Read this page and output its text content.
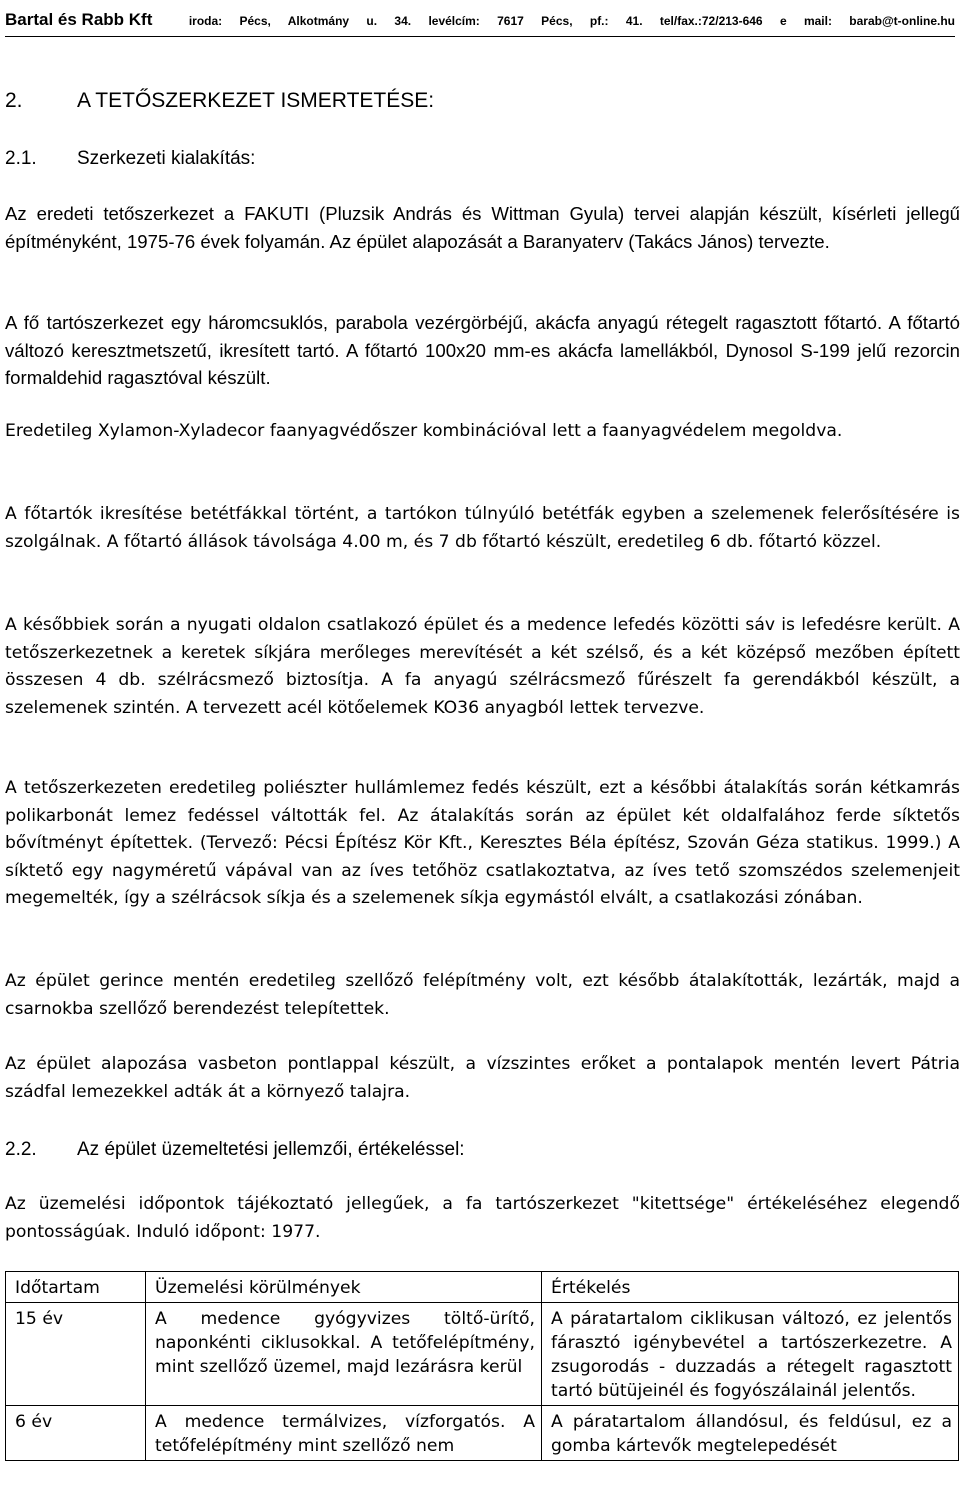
Bartal és Rabb Kft	iroda: Pécs, Alkotmány u. 34. levélcím: 7617 Pécs, pf.: 41. tel/fax.:72/213-646 e mail: barab@t-online.hu
2.	A TETŐSZERKEZET ISMERTETÉSE:
2.1. Szerkezeti kialakítás:

Az eredeti tetőszerkezet a FAKUTI (Pluzsik András és Wittman Gyula) tervei alapján készült, kísérleti jellegű építményként, 1975-76 évek folyamán. Az épület alapozását a Baranyaterv (Takács János) tervezte.

A fő tartószerkezet egy háromcsuklós, parabola vezérgörbéjű, akácfa anyagú rétegelt ragasztott főtartó. A főtartó változó keresztmetszetű, ikresített tartó. A főtartó 100x20 mm-es akácfa lamellákból, Dynosol S-199 jelű rezorcin formaldehid ragasztóval készült.

Eredetileg Xylamon-Xyladecor faanyagvédőszer kombinációval lett a faanyagvédelem megoldva.

A főtartók ikresítése betétfákkal történt, a tartókon túlnyúló betétfák egyben a szelemenek felerősítésére is szolgálnak. A főtartó állások távolsága 4.00 m, és 7 db főtartó készült, eredetileg 6 db. főtartó közzel.

A későbbiek során a nyugati oldalon csatlakozó épület és a medence lefedés közötti sáv is lefedésre került. A tetőszerkezetnek a keretek síkjára merőleges merevítését a két szélső, és a két középső mezőben épített összesen 4 db. szélrácsmező biztosítja. A fa anyagú szélrácsmező fűrészelt fa gerendákból készült, a szelemenek szintén. A tervezett acél kötőelemek KO36 anyagból lettek tervezve.

A tetőszerkezeten eredetileg poliészter hullámlemez fedés készült, ezt a későbbi átalakítás során kétkamrás polikarbonát lemez fedéssel váltották fel. Az átalakítás során az épület két oldalfalához ferde síktetős bővítményt építettek. (Tervező: Pécsi Építész Kör Kft., Keresztes Béla építész, Szován Géza statikus. 1999.) A síktető egy nagyméretű vápával van az íves tetőhöz csatlakoztatva, az íves tető szomszédos szelemenjeit megemelték, így a szélrácsok síkja és a szelemenek síkja egymástól elvált, a csatlakozási zónában.

Az épület gerince mentén eredetileg szellőző felépítmény volt, ezt később átalakították, lezárták, majd a csarnokba szellőző berendezést telepítettek.

Az épület alapozása vasbeton pontlappal készült, a vízszintes erőket a pontalapok mentén levert Pátria szádfal lemezekkel adták át a környező talajra.

2.2. Az épület üzemeltetési jellemzői, értékeléssel:

Az üzemelési időpontok tájékoztató jellegűek, a fa tartószerkezet "kitettsége" értékeléséhez elegendő pontosságúak. Induló időpont: 1977.

Időtartam	Üzemelési körülmények	Értékelés
15 év	A medence gyógyvizes töltő-ürítő, naponkénti ciklusokkal. A tetőfelépítmény, mint szellőző üzemel, majd lezárásra kerül	A páratartalom ciklikusan változó, ez jelentős fárasztó igénybevétel a tartószerkezetre. A zsugorodás - duzzadás a rétegelt ragasztott tartó bütüjeinél és fogyószálainál jelentős.
6 év	A medence termálvizes, vízforgatós. A tetőfelépítmény mint szellőző nem	A páratartalom állandósul, és feldúsul, ez a gomba kártevők megtelepedését
